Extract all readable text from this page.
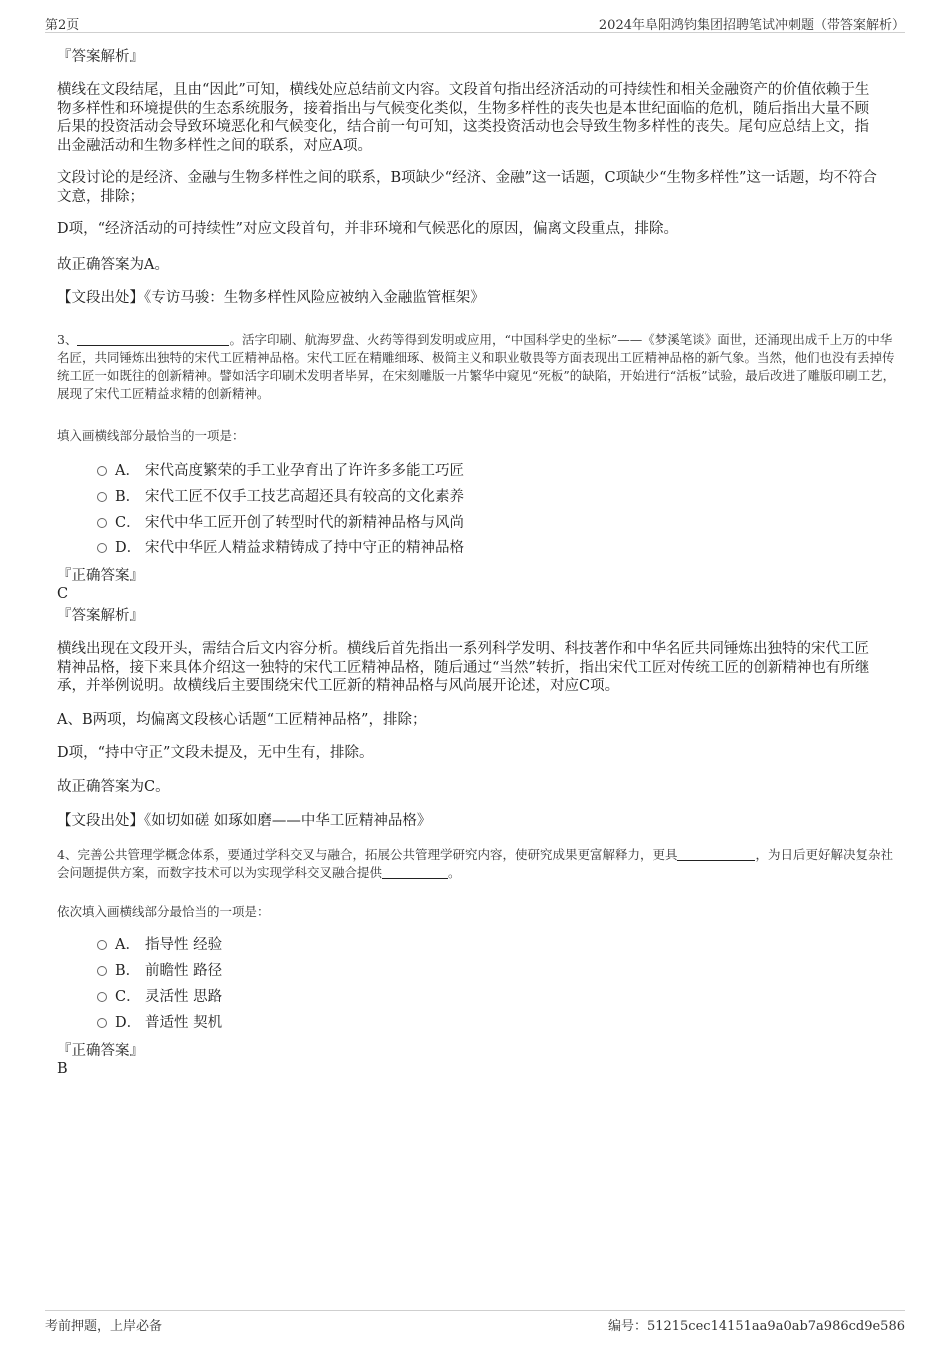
第2页	2024年阜阳鸿钧集团招聘笔试冲刺题（带答案解析）
『答案解析』
横线在文段结尾，且由“因此”可知，横线处应总结前文内容。文段首句指出经济活动的可持续性和相关金融资产的价值依赖于生物多样性和环境提供的生态系统服务，接着指出与气候变化类似，生物多样性的丧失也是本世纪面临的危机，随后指出大量不顾后果的投资活动会导致环境恶化和气候变化，结合前一句可知，这类投资活动也会导致生物多样性的丧失。尾句应总结上文，指出金融活动和生物多样性之间的联系，对应A项。
文段讨论的是经济、金融与生物多样性之间的联系，B项缺少“经济、金融”这一话题，C项缺少“生物多样性”这一话题，均不符合文意，排除；
D项，“经济活动的可持续性”对应文段首句，并非环境和气候恶化的原因，偏离文段重点，排除。
故正确答案为A。
【文段出处】《专访马骏：生物多样性风险应被纳入金融监管框架》
3、	。活字印刷、航海罗盘、火药等得到发明或应用，“中国科学史的坐标”——《梦溪笔谈》面世，还涌现出成千上万的中华名匠，共同锤炼出独特的宋代工匠精神品格。宋代工匠在精雕细琢、极简主义和职业敬畏等方面表现出工匠精神品格的新气象。当然，他们也没有丢掉传统工匠一如既往的创新精神。譬如活字印刷术发明者毕昇，在宋刻雕版一片繁华中窥见“死板”的缺陷，开始进行“活板”试验，最后改进了雕版印刷工艺，展现了宋代工匠精益求精的创新精神。
填入画横线部分最恰当的一项是：
A． 宋代高度繁荣的手工业孕育出了许许多多能工巧匠
B． 宋代工匠不仅手工技艺高超还具有较高的文化素养
C． 宋代中华工匠开创了转型时代的新精神品格与风尚
D． 宋代中华匠人精益求精铸成了持中守正的精神品格
『正确答案』
C
『答案解析』
横线出现在文段开头，需结合后文内容分析。横线后首先指出一系列科学发明、科技著作和中华名匠共同锤炼出独特的宋代工匠精神品格，接下来具体介绍这一独特的宋代工匠精神品格，随后通过“当然”转折，指出宋代工匠对传统工匠的创新精神也有所继承，并举例说明。故横线后主要围绕宋代工匠新的精神品格与风尚展开论述，对应C项。
A、B两项，均偏离文段核心话题“工匠精神品格”，排除；
D项，“持中守正”文段未提及，无中生有，排除。
故正确答案为C。
【文段出处】《如切如磋 如琢如磨——中华工匠精神品格》
4、完善公共管理学概念体系，要通过学科交叉与融合，拓展公共管理学研究内容，使研究成果更富解释力，更具	，为日后更好解决复杂社会问题提供方案，而数字技术可以为实现学科交叉融合提供	。
依次填入画横线部分最恰当的一项是：
A． 指导性 经验
B． 前瞻性 路径
C． 灵活性 思路
D． 普适性 契机
『正确答案』
B
考前押题，上岸必备	编号：51215cec14151aa9a0ab7a986cd9e586
